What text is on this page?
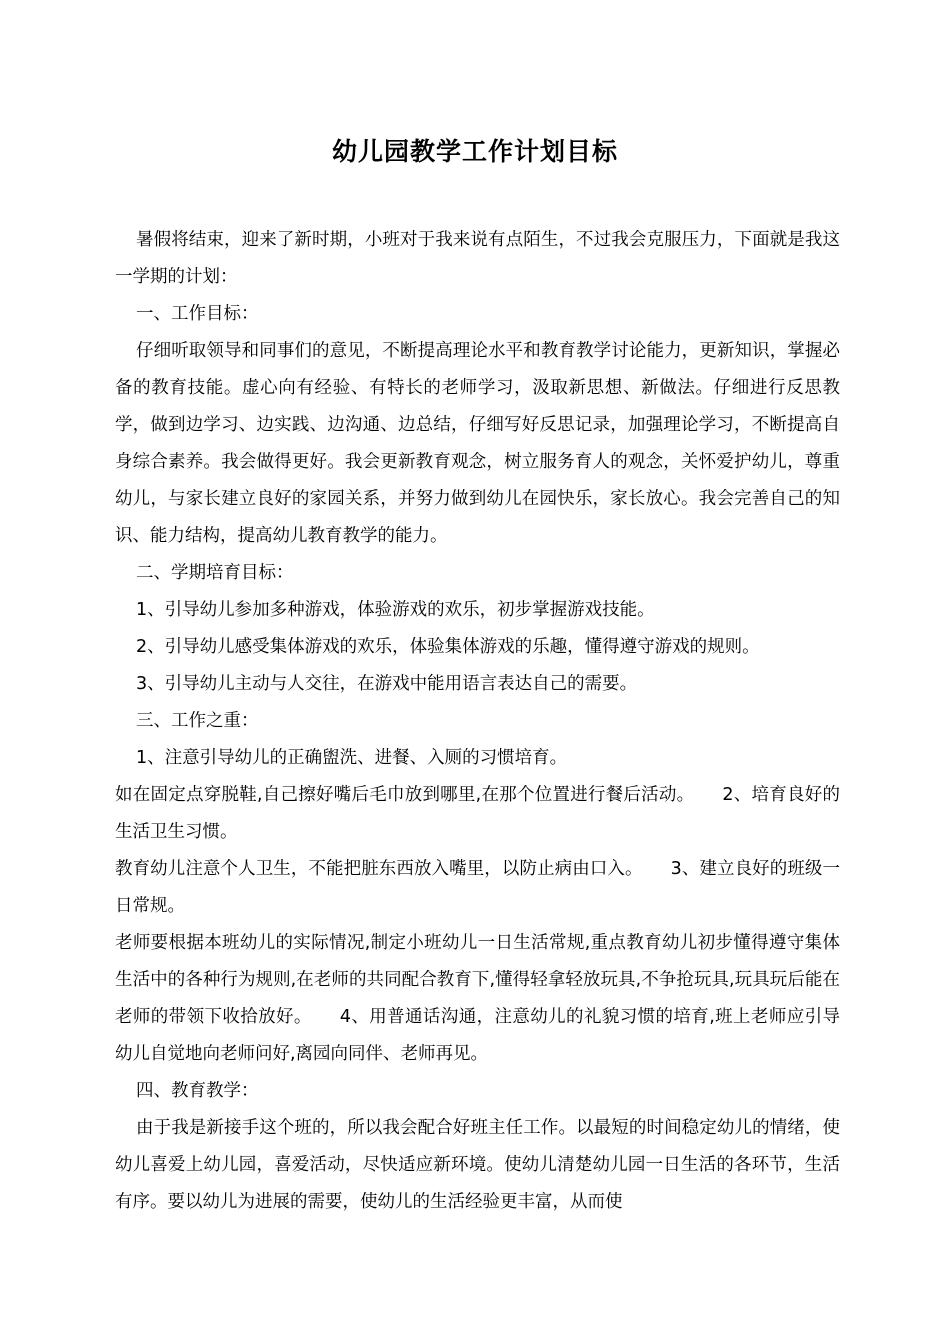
幼儿园教学工作计划目标

暑假将结束，迎来了新时期，小班对于我来说有点陌生，不过我会克服压力，下面就是我这一学期的计划：

一、工作目标：

仔细听取领导和同事们的意见，不断提高理论水平和教育教学讨论能力，更新知识，掌握必备的教育技能。虚心向有经验、有特长的老师学习，汲取新思想、新做法。仔细进行反思教学，做到边学习、边实践、边沟通、边总结，仔细写好反思记录，加强理论学习，不断提高自身综合素养。我会做得更好。我会更新教育观念，树立服务育人的观念，关怀爱护幼儿，尊重幼儿，与家长建立良好的家园关系，并努力做到幼儿在园快乐，家长放心。我会完善自己的知识、能力结构，提高幼儿教育教学的能力。

二、学期培育目标：

1、引导幼儿参加多种游戏，体验游戏的欢乐，初步掌握游戏技能。

2、引导幼儿感受集体游戏的欢乐，体验集体游戏的乐趣，懂得遵守游戏的规则。

3、引导幼儿主动与人交往，在游戏中能用语言表达自己的需要。

三、工作之重：

1、注意引导幼儿的正确盥洗、进餐、入厕的习惯培育。

如在固定点穿脱鞋,自己擦好嘴后毛巾放到哪里,在那个位置进行餐后活动。 2、培育良好的生活卫生习惯。

教育幼儿注意个人卫生，不能把脏东西放入嘴里，以防止病由口入。 3、建立良好的班级一日常规。

老师要根据本班幼儿的实际情况,制定小班幼儿一日生活常规,重点教育幼儿初步懂得遵守集体生活中的各种行为规则,在老师的共同配合教育下,懂得轻拿轻放玩具,不争抢玩具,玩具玩后能在老师的带领下收拾放好。 4、用普通话沟通，注意幼儿的礼貌习惯的培育,班上老师应引导幼儿自觉地向老师问好,离园向同伴、老师再见。

四、教育教学：

由于我是新接手这个班的，所以我会配合好班主任工作。以最短的时间稳定幼儿的情绪，使幼儿喜爱上幼儿园，喜爱活动，尽快适应新环境。使幼儿清楚幼儿园一日生活的各环节，生活有序。要以幼儿为进展的需要，使幼儿的生活经验更丰富，从而使
